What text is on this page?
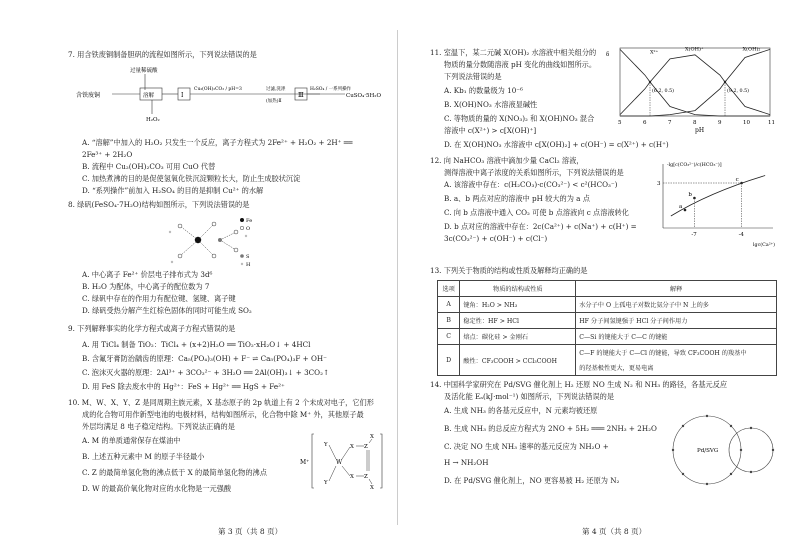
7. 用含铁废铜制备胆矾的流程如图所示，下列说法错误的是
过量稀硫酸
含铁废铜	溶解
H₂O₂
Ⅰ
Cu₂(OH)₂CO₃ / pH=3	过滤,洗涤
(加热)Ⅱ
Ⅲ
H₂SO₄ / 一系列操作
CuSO₄·5H₂O
A. “溶解”中加入的 H₂O₂ 只发生一个反应，离子方程式为 2Fe²⁺ + H₂O₂ + 2H⁺ ══
2Fe³⁺ + 2H₂O
B. 流程中 Cu₂(OH)₂CO₃ 可用 CuO 代替
C. 加热煮沸的目的是促使氢氧化铁沉淀颗粒长大，防止生成胶状沉淀
D. “系列操作”前加入 H₂SO₄ 的目的是抑制 Cu²⁺ 的水解
8. 绿矾(FeSO₄·7H₂O)结构如图所示，下列说法错误的是
Fe
O
S
H
A. 中心离子 Fe²⁺ 价层电子排布式为 3d⁶
B. H₂O 为配体，中心离子的配位数为 7
C. 绿矾中存在的作用力有配位键、氢键、离子键
D. 绿矾受热分解产生红棕色固体的同时可能生成 SO₂
9. 下列解释事实的化学方程式或离子方程式错误的是
A. 用 TiCl₄ 制备 TiO₂：TiCl₄ + (x+2)H₂O ══ TiO₂·xH₂O↓ + 4HCl
B. 含氟牙膏防治龋齿的原理：Ca₅(PO₄)₃(OH) + F⁻ ⇌ Ca₅(PO₄)₃F + OH⁻
C. 泡沫灭火器的原理：2Al³⁺ + 3CO₃²⁻ + 3H₂O ══ 2Al(OH)₃↓ + 3CO₂↑
D. 用 FeS 除去废水中的 Hg²⁺：FeS + Hg²⁺ ══ HgS + Fe²⁺
10. M、W、X、Y、Z 是同周期主族元素，X 基态原子的 2p 轨道上有 2 个未成对电子，它们形
成的化合物可用作新型电池的电极材料，结构如图所示，化合物中除 M⁺ 外，其他原子最
外层均满足 8 电子稳定结构。下列说法正确的是
A. M 的单质通常保存在煤油中
B. 上述五种元素中 M 的原子半径最小
C. Z 的最简单氢化物的沸点低于 X 的最简单氢化物的沸点
D. W 的最高价氧化物对应的水化物是一元强酸
M⁺	W
Y
Y
X
X
Z
Z
X
X
第 3 页（共 8 页）
11. 室温下，某二元碱 X(OH)₂ 水溶液中相关组分的
物质的量分数随溶液 pH 变化的曲线如图所示。
下列说法错误的是
A. Kb₁ 的数量级为 10⁻⁶
B. X(OH)NO₃ 水溶液显碱性
C. 等物质的量的 X(NO₃)₂ 和 X(OH)NO₃ 混合
溶液中 c(X²⁺) > c[X(OH)⁺]
D. 在 X(OH)NO₃ 水溶液中 c[X(OH)₂] + c(OH⁻) = c(X²⁺) + c(H⁺)
δ
pH
5	6	7	8	9	10	11
X²⁺	X(OH)⁺	X(OH)₂
(6.2, 0.5)	(9.2, 0.5)
12. 向 NaHCO₃ 溶液中滴加少量 CaCl₂ 溶液，
测得溶液中离子浓度的关系如图所示，下列说法错误的是
A. 该溶液中存在：c(H₂CO₃)·c(CO₃²⁻) < c²(HCO₃⁻)
B. a、b 两点对应的溶液中 pH 较大的为 a 点
C. 向 b 点溶液中通入 CO₂ 可使 b 点溶液向 c 点溶液转化
D. b 点对应的溶液中存在：2c(Ca²⁺) + c(Na⁺) + c(H⁺) =
3c(CO₃²⁻) + c(OH⁻) + c(Cl⁻)
-lg[c(CO₃²⁻)/c(HCO₃⁻)]
lgc(Ca²⁺)
-7	-4
3
a
b
c
13. 下列关于物质的结构或性质及解释均正确的是
选项	物质的结构或性质	解释
A	键角：H₂O > NH₃	水分子中 O 上孤电子对数比氨分子中 N 上的多
B	稳定性：HF > HCl	HF 分子间氢键强于 HCl 分子间作用力
C	熔点：碳化硅 > 金刚石	C—Si 的键能大于 C—C 的键能
D	酸性：CF₃COOH > CCl₃COOH	C—F 的键能大于 C—Cl 的键能，导致 CF₃COOH 的羧基中
		的羟基极性更大，更易电离
14. 中国科学家研究在 Pd/SVG 催化剂上 H₂ 还原 NO 生成 N₂ 和 NH₃ 的路径，各基元反应
及活化能 Eₐ(kJ·mol⁻¹) 如图所示，下列说法错误的是
A. 生成 NH₃ 的各基元反应中，N 元素均被还原
B. 生成 NH₃ 的总反应方程式为 2NO + 5H₂ ═══ 2NH₃ + 2H₂O
C. 决定 NO 生成 NH₃ 速率的基元反应为 NH₂O +
H → NH₂OH
D. 在 Pd/SVG 催化剂上，NO 更容易被 H₂ 还原为 N₂
Pd/SVG
第 4 页（共 8 页）
